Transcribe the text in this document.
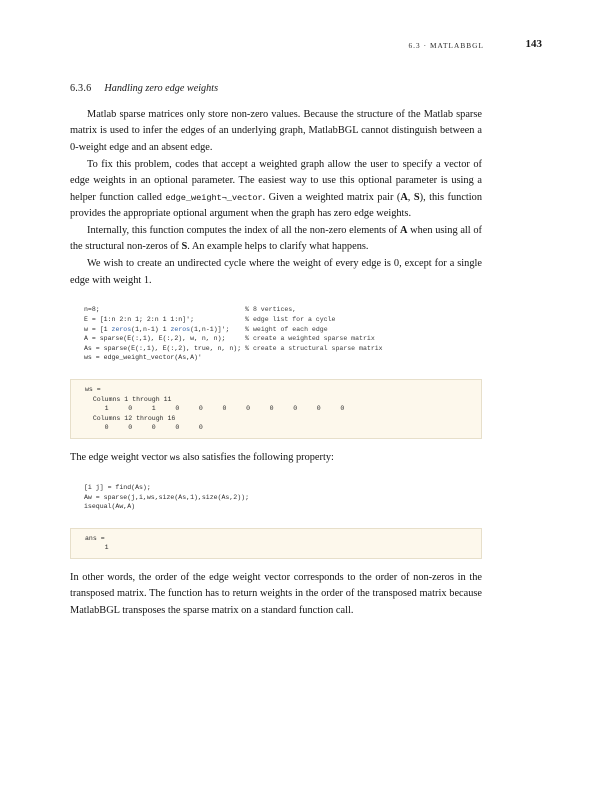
6.3 · MATLABBGL	143
6.3.6 Handling zero edge weights

Matlab sparse matrices only store non-zero values. Because the structure of the Matlab sparse matrix is used to infer the edges of an underlying graph, MatlabBGL cannot distinguish between a 0-weight edge and an absent edge.

To fix this problem, codes that accept a weighted graph allow the user to specify a vector of edge weights in an optional parameter. The easiest way to use this optional parameter is using a helper function called edge_weight¬_vector. Given a weighted matrix pair (A, S), this function provides the appropriate optional argument when the graph has zero edge weights.

Internally, this function computes the index of all the non-zero elements of A when using all of the structural non-zeros of S. An example helps to clarify what happens.

We wish to create an undirected cycle where the weight of every edge is 0, except for a single edge with weight 1.

n=8;	% 8 vertices,
E = [1:n 2:n 1; 2:n 1 1:n]';	% edge list for a cycle
w = [1 zeros(1,n-1) 1 zeros(1,n-1)]'; % weight of each edge
A = sparse(E(:,1), E(:,2), w, n, n);	% create a weighted sparse matrix
As = sparse(E(:,1), E(:,2), true, n, n); % create a structural sparse matrix
ws = edge_weight_vector(As,A)'
ws =
Columns 1 through 11
1     0     1     0     0     0     0     0     0     0     0
Columns 12 through 16
0     0     0     0     0

The edge weight vector ws also satisfies the following property:

[i j] = find(As);
Aw = sparse(j,i,ws,size(As,1),size(As,2));
isequal(Aw,A)
ans =
1

In other words, the order of the edge weight vector corresponds to the order of non-zeros in the transposed matrix. The function has to return weights in the order of the transposed matrix because MatlabBGL transposes the sparse matrix on a standard function call.
